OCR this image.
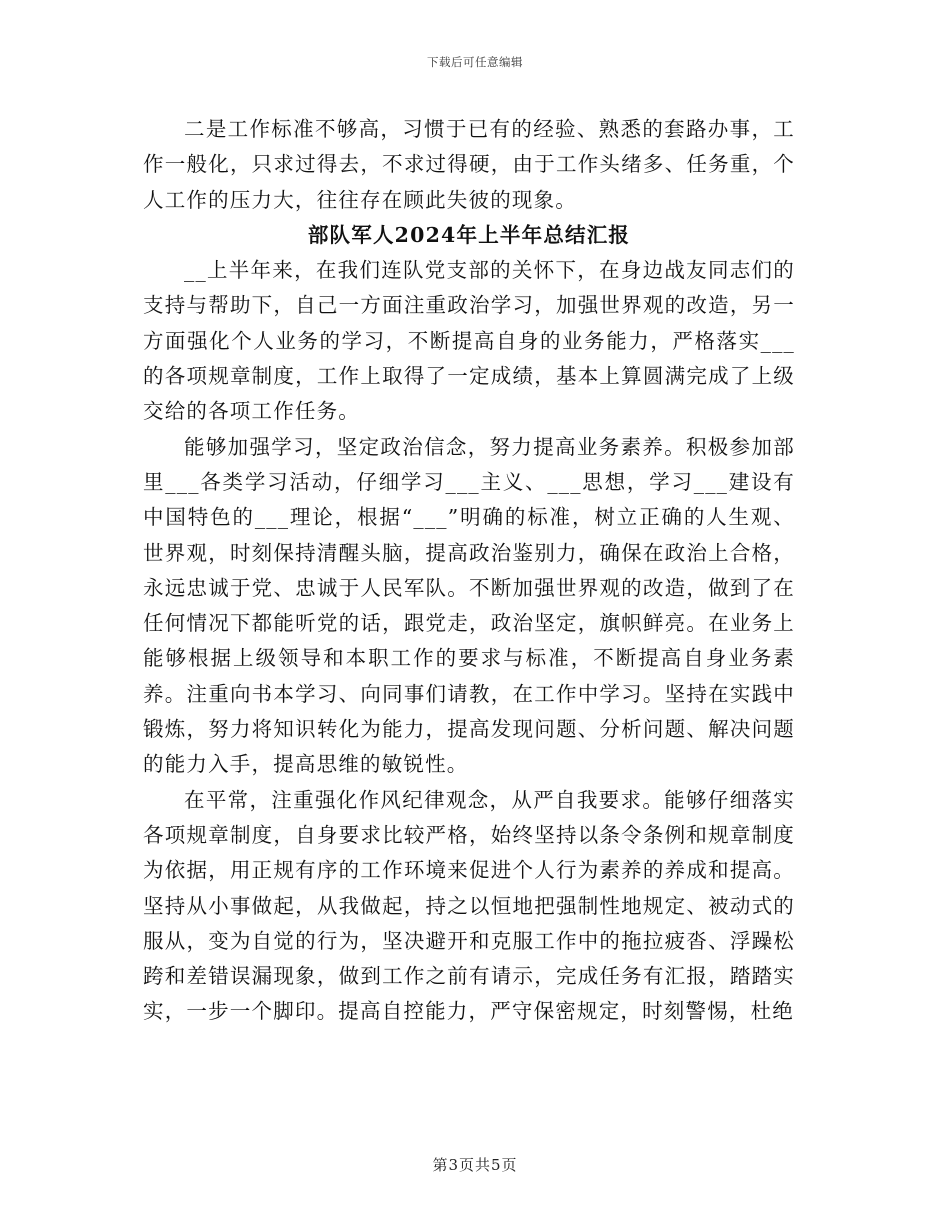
下载后可任意编辑

二是工作标准不够高，习惯于已有的经验、熟悉的套路办事，工作一般化，只求过得去，不求过得硬，由于工作头绪多、任务重，个人工作的压力大，往往存在顾此失彼的现象。

部队军人2024年上半年总结汇报

__上半年来，在我们连队党支部的关怀下，在身边战友同志们的支持与帮助下，自己一方面注重政治学习，加强世界观的改造，另一方面强化个人业务的学习，不断提高自身的业务能力，严格落实___的各项规章制度，工作上取得了一定成绩，基本上算圆满完成了上级交给的各项工作任务。

能够加强学习，坚定政治信念，努力提高业务素养。积极参加部里___各类学习活动，仔细学习___主义、___思想，学习___建设有中国特色的___理论，根据“___”明确的标准，树立正确的人生观、世界观，时刻保持清醒头脑，提高政治鉴别力，确保在政治上合格，永远忠诚于党、忠诚于人民军队。不断加强世界观的改造，做到了在任何情况下都能听党的话，跟党走，政治坚定，旗帜鲜亮。在业务上能够根据上级领导和本职工作的要求与标准，不断提高自身业务素养。注重向书本学习、向同事们请教，在工作中学习。坚持在实践中锻炼，努力将知识转化为能力，提高发现问题、分析问题、解决问题的能力入手，提高思维的敏锐性。

在平常，注重强化作风纪律观念，从严自我要求。能够仔细落实各项规章制度，自身要求比较严格，始终坚持以条令条例和规章制度为依据，用正规有序的工作环境来促进个人行为素养的养成和提高。坚持从小事做起，从我做起，持之以恒地把强制性地规定、被动式的服从，变为自觉的行为，坚决避开和克服工作中的拖拉疲沓、浮躁松跨和差错误漏现象，做到工作之前有请示，完成任务有汇报，踏踏实实，一步一个脚印。提高自控能力，严守保密规定，时刻警惕，杜绝

第3页共5页
